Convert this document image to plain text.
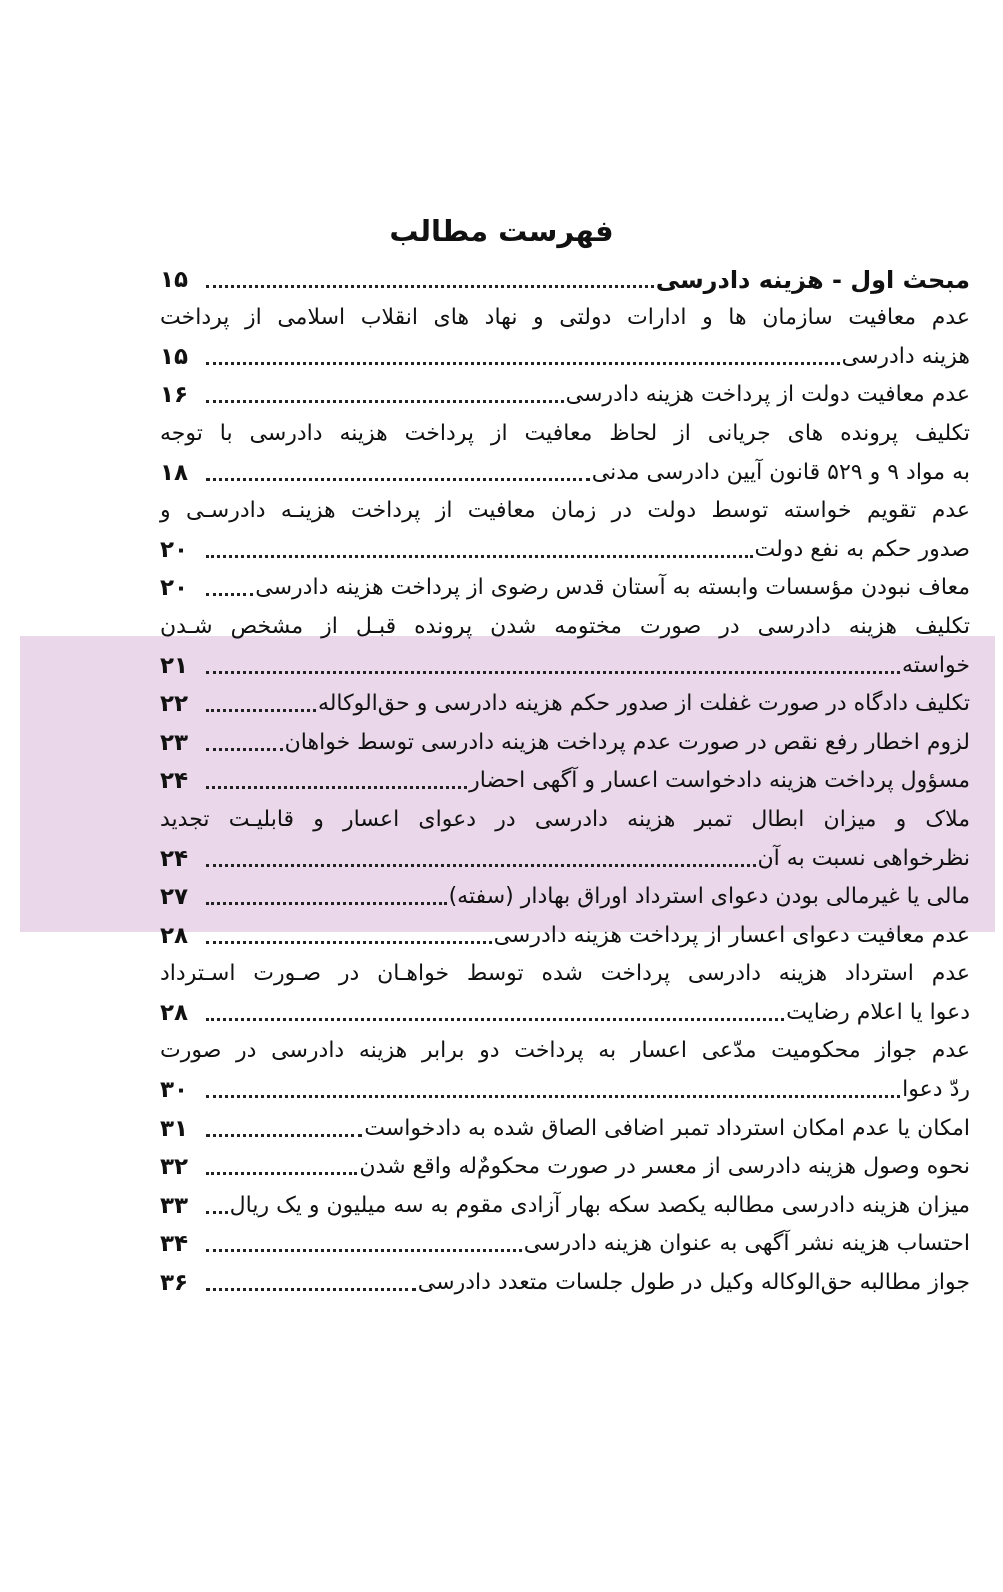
فهرست مطالب
مبحث اول - هزینه دادرسی
۱۵
عدم معافیت سازمان ها و ادارات دولتی و نهاد های انقلاب اسلامی از پرداخت
هزینه دادرسی
۱۵
عدم معافیت دولت از پرداخت هزینه دادرسی
۱۶
تکلیف پرونده های جریانی از لحاظ معافیت از پرداخت هزینه دادرسی با توجه
به مواد ۹ و ۵۲۹ قانون آیین دادرسی مدنی
۱۸
عدم تقویم خواسته توسط دولت در زمان معافیت از پرداخت هزینـه دادرسـی و
صدور حکم به نفع دولت
۲۰
معاف نبودن مؤسسات وابسته به آستان قدس رضوی از پرداخت هزینه دادرسی
۲۰
تکلیف هزینه دادرسی در صورت مختومه شدن پرونده قبـل از مشخص شـدن
خواسته
۲۱
تکلیف دادگاه در صورت غفلت از صدور حکم هزینه دادرسی و حق‌الوکاله
۲۲
لزوم اخطار رفع نقص در صورت عدم پرداخت هزینه دادرسی توسط خواهان
۲۳
مسؤول پرداخت هزینه دادخواست اعسار و آگهی احضار
۲۴
ملاک و میزان ابطال تمبر هزینه دادرسی در دعوای اعسار و قابلیـت تجدید
نظرخواهی نسبت به آن
۲۴
مالی یا غیرمالی بودن دعوای استرداد اوراق بهادار (سفته)
۲۷
عدم معافیت دعوای اعسار از پرداخت هزینه دادرسی
۲۸
عدم استرداد هزینه دادرسی پرداخت شده توسط خواهـان در صـورت اسـترداد
دعوا یا اعلام رضایت
۲۸
عدم جواز محکومیت مدّعی اعسار به پرداخت دو برابر هزینه دادرسی در صورت
ردّ دعوا
۳۰
امکان یا عدم امکان استرداد تمبر اضافی الصاق شده به دادخواست
۳۱
نحوه وصول هزینه دادرسی از معسر در صورت محکومٌ‌له واقع شدن
۳۲
میزان هزینه دادرسی مطالبه یکصد سکه بهار آزادی مقوم به سه میلیون و یک ریال
۳۳
احتساب هزینه نشر آگهی به عنوان هزینه دادرسی
۳۴
جواز مطالبه حق‌الوکاله وکیل در طول جلسات متعدد دادرسی
۳۶
